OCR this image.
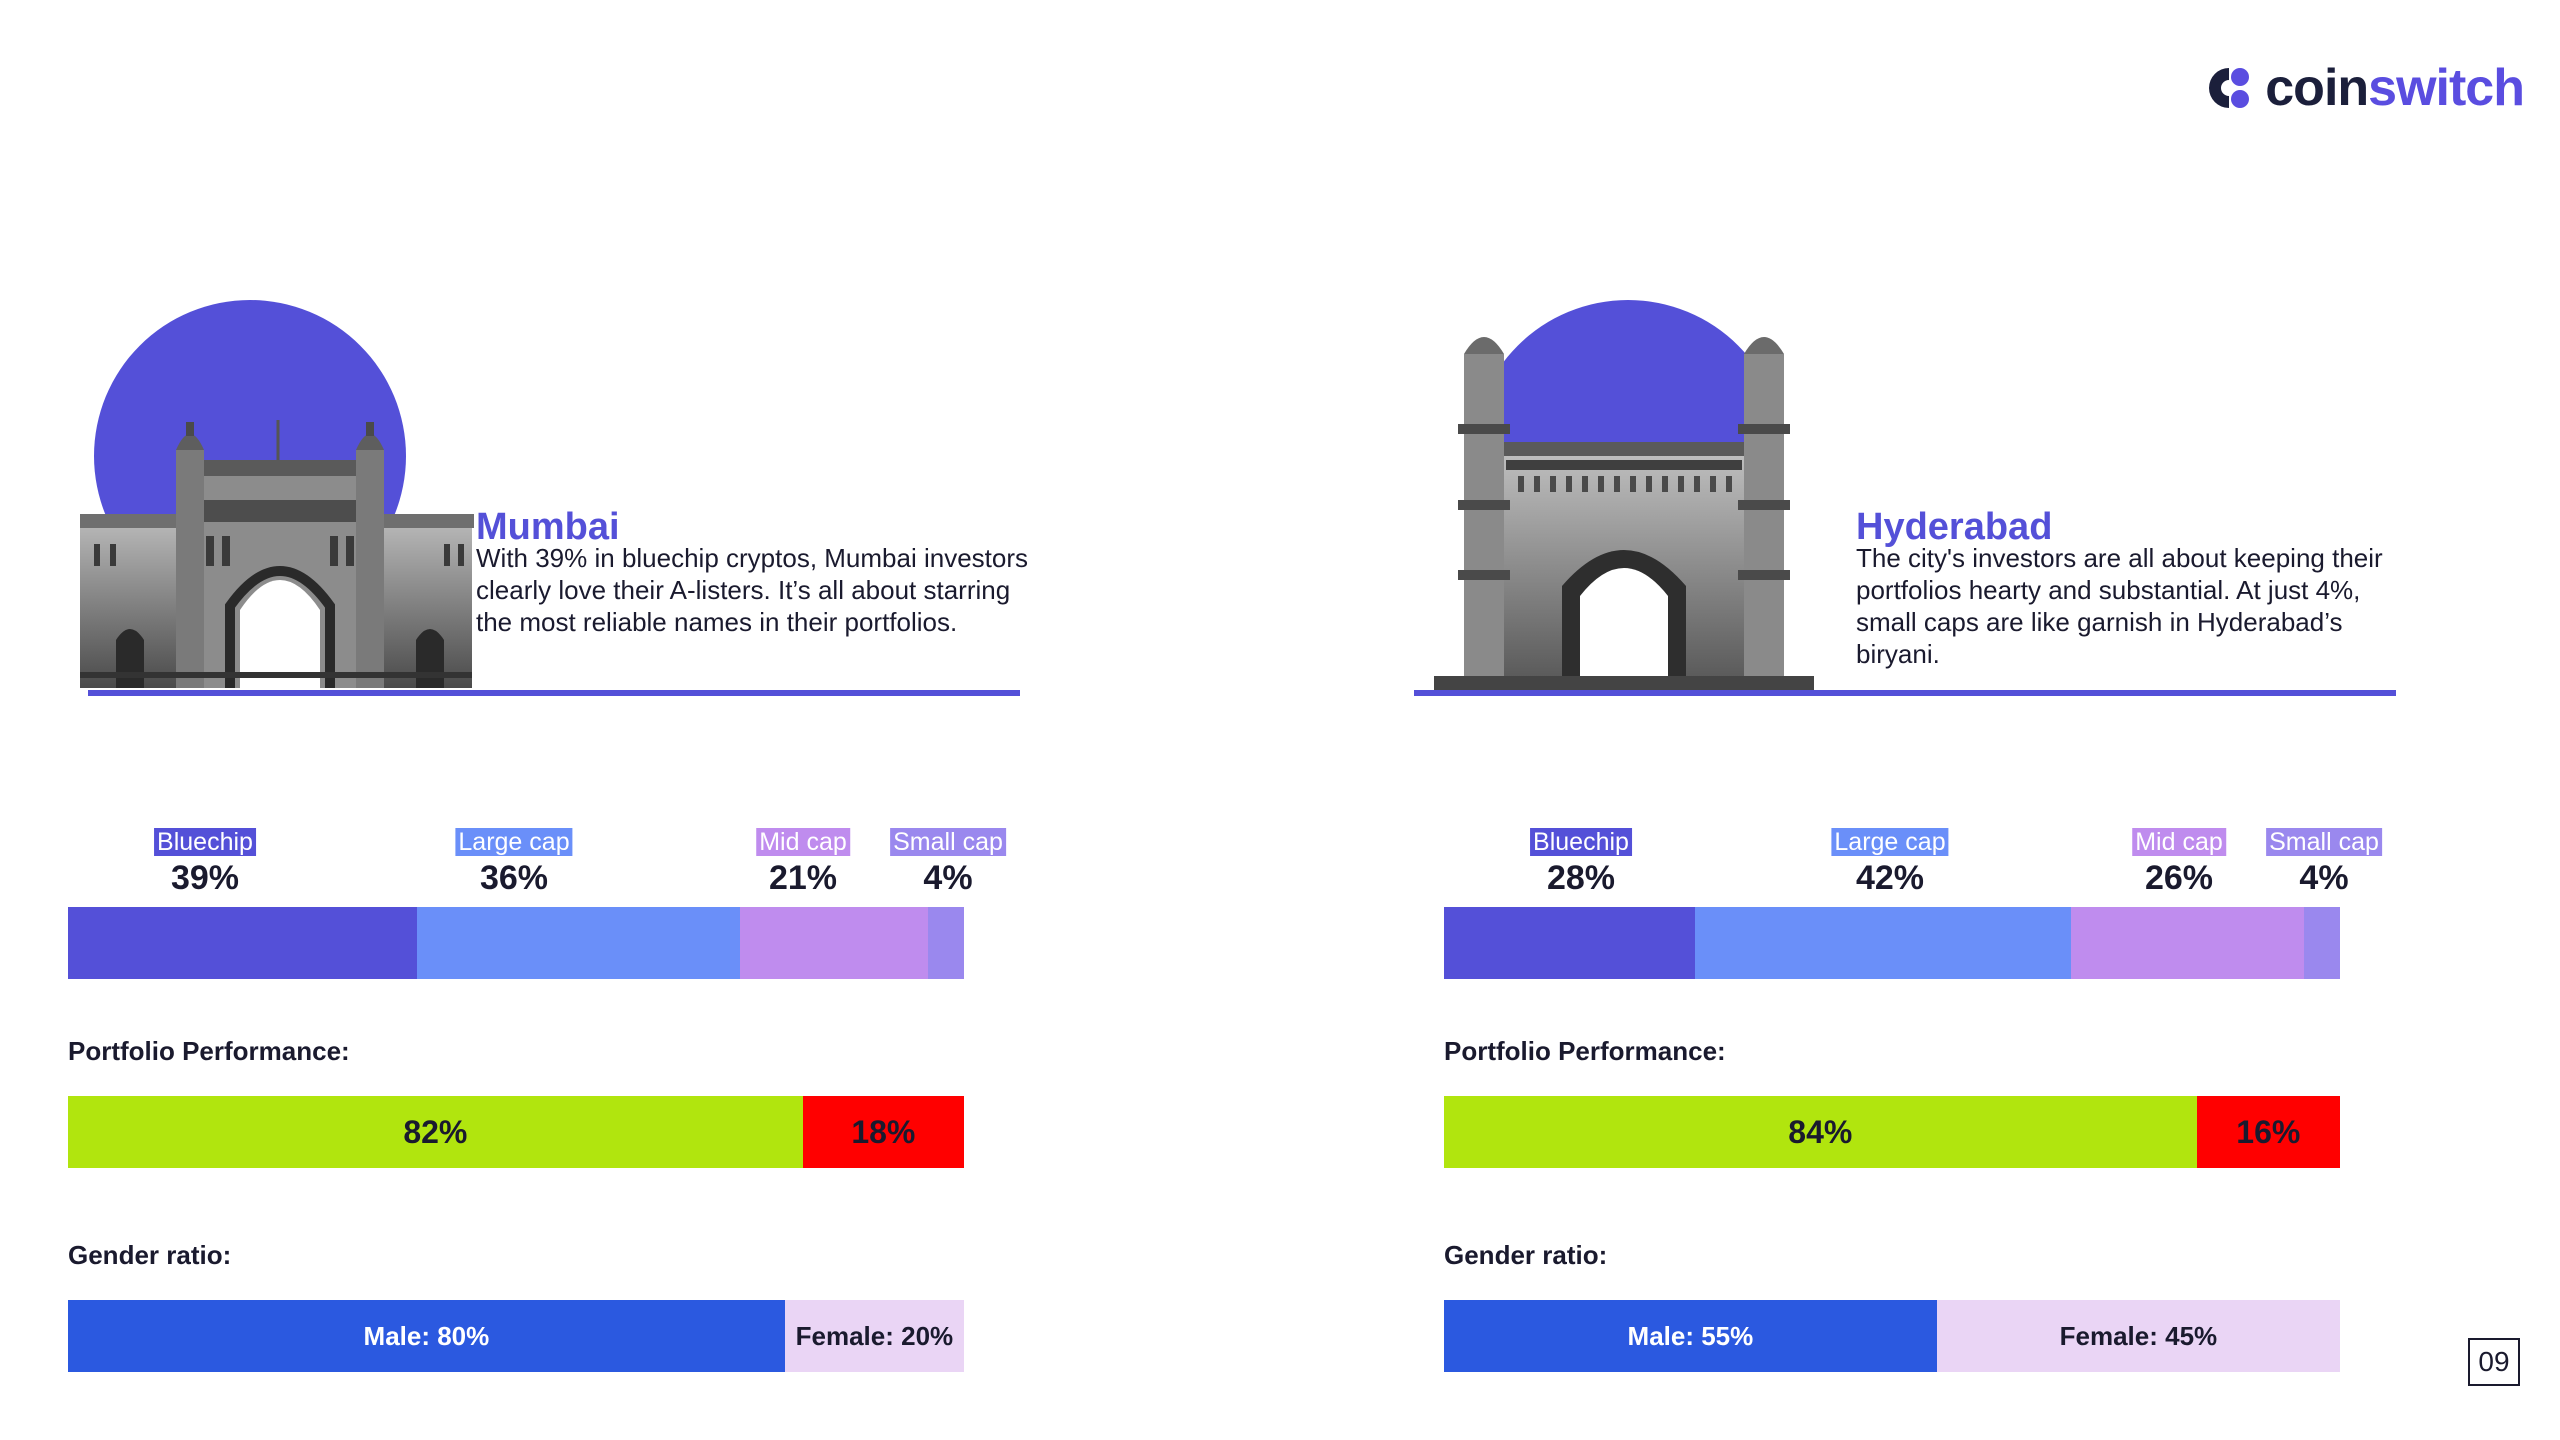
coinswitch
Mumbai

With 39% in bluechip cryptos, Mumbai investors clearly love their A-listers. It’s all about starring the most reliable names in their portfolios.

Bluechip
39%
Large cap
36%
Mid cap
21%
Small cap
4%

Portfolio Performance:

82%	18%

Gender ratio:

Male: 80%	Female: 20%
Hyderabad

The city's investors are all about keeping their portfolios hearty and substantial. At just 4%, small caps are like garnish in Hyderabad’s biryani.

Bluechip
28%
Large cap
42%
Mid cap
26%
Small cap
4%

Portfolio Performance:

84%	16%

Gender ratio:

Male: 55%	Female: 45%
09
